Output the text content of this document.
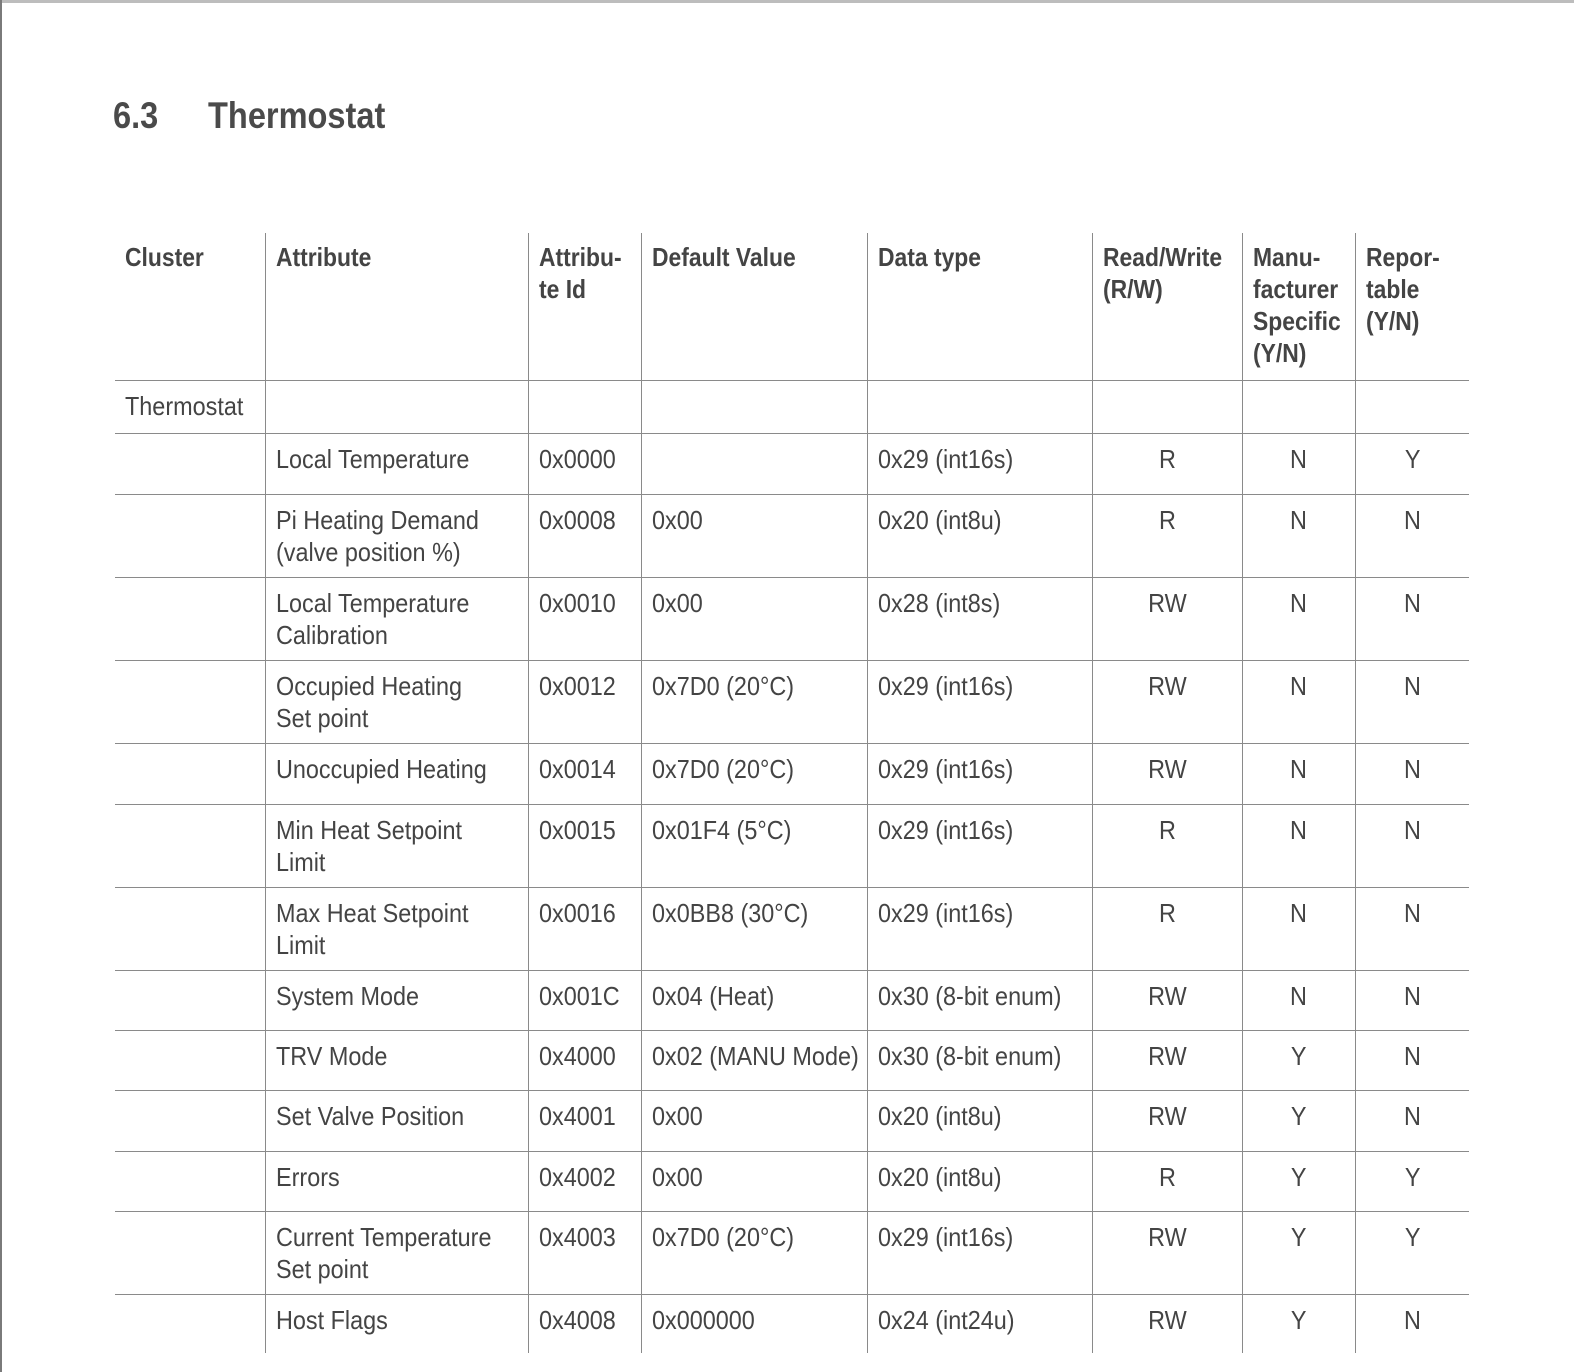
6.3 Thermostat
Cluster	Attribute	Attribu- te Id	Default Value	Data type	Read/Write (R/W)	Manu- facturer Specific (Y/N)	Repor- table (Y/N)
Thermostat							
	Local Temperature	0x0000		0x29 (int16s)	R	N	Y
	Pi Heating Demand (valve position %)	0x0008	0x00	0x20 (int8u)	R	N	N
	Local Temperature Calibration	0x0010	0x00	0x28 (int8s)	RW	N	N
	Occupied Heating Set point	0x0012	0x7D0 (20°C)	0x29 (int16s)	RW	N	N
	Unoccupied Heating	0x0014	0x7D0 (20°C)	0x29 (int16s)	RW	N	N
	Min Heat Setpoint Limit	0x0015	0x01F4 (5°C)	0x29 (int16s)	R	N	N
	Max Heat Setpoint Limit	0x0016	0x0BB8 (30°C)	0x29 (int16s)	R	N	N
	System Mode	0x001C	0x04 (Heat)	0x30 (8-bit enum)	RW	N	N
	TRV Mode	0x4000	0x02 (MANU Mode)	0x30 (8-bit enum)	RW	Y	N
	Set Valve Position	0x4001	0x00	0x20 (int8u)	RW	Y	N
	Errors	0x4002	0x00	0x20 (int8u)	R	Y	Y
	Current Temperature Set point	0x4003	0x7D0 (20°C)	0x29 (int16s)	RW	Y	Y
	Host Flags	0x4008	0x000000	0x24 (int24u)	RW	Y	N
